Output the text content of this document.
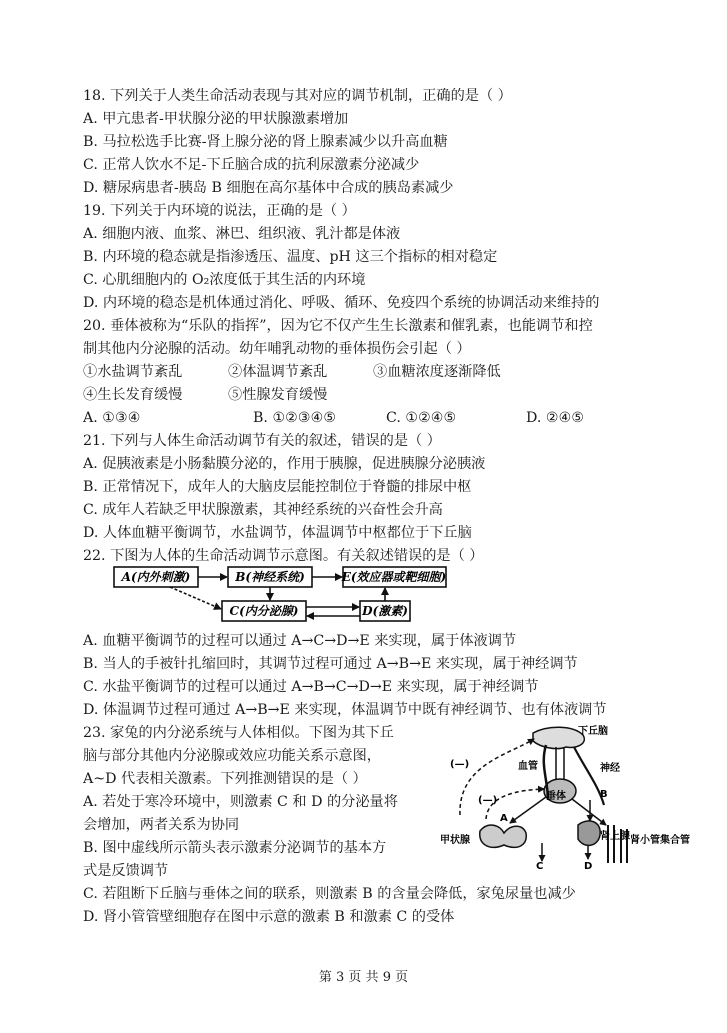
18. 下列关于人类生命活动表现与其对应的调节机制，正确的是（ ）
A. 甲亢患者-甲状腺分泌的甲状腺激素增加
B. 马拉松选手比赛-肾上腺分泌的肾上腺素减少以升高血糖
C. 正常人饮水不足-下丘脑合成的抗利尿激素分泌减少
D. 糖尿病患者-胰岛 B 细胞在高尔基体中合成的胰岛素减少
19. 下列关于内环境的说法，正确的是（ ）
A. 细胞内液、血浆、淋巴、组织液、乳汁都是体液
B. 内环境的稳态就是指渗透压、温度、pH 这三个指标的相对稳定
C. 心肌细胞内的 O₂浓度低于其生活的内环境
D. 内环境的稳态是机体通过消化、呼吸、循环、免疫四个系统的协调活动来维持的
20. 垂体被称为“乐队的指挥”，因为它不仅产生生长激素和催乳素，也能调节和控
制其他内分泌腺的活动。幼年哺乳动物的垂体损伤会引起（ ）
①水盐调节紊乱	②体温调节紊乱	③血糖浓度逐渐降低
④生长发育缓慢	⑤性腺发育缓慢
A. ①③④	B. ①②③④⑤	C. ①②④⑤	D. ②④⑤
21. 下列与人体生命活动调节有关的叙述，错误的是（ ）
A. 促胰液素是小肠黏膜分泌的，作用于胰腺，促进胰腺分泌胰液
B. 正常情况下，成年人的大脑皮层能控制位于脊髓的排尿中枢
C. 成年人若缺乏甲状腺激素，其神经系统的兴奋性会升高
D. 人体血糖平衡调节，水盐调节，体温调节中枢都位于下丘脑
22. 下图为人体的生命活动调节示意图。有关叙述错误的是（ ）
A(内外刺激)	B(神经系统)	E(效应器或靶细胞)
C(内分泌腺)	D(激素)
A. 血糖平衡调节的过程可以通过 A→C→D→E 来实现，属于体液调节
B. 当人的手被针扎缩回时，其调节过程可通过 A→B→E 来实现，属于神经调节
C. 水盐平衡调节的过程可以通过 A→B→C→D→E 来实现，属于神经调节
D. 体温调节过程可通过 A→B→E 来实现，体温调节中既有神经调节、也有体液调节
23. 家兔的内分泌系统与人体相似。下图为其下丘
脑与部分其他内分泌腺或效应功能关系示意图，
A~D 代表相关激素。下列推测错误的是（ ）
A. 若处于寒冷环境中，则激素 C 和 D 的分泌量将
会增加，两者关系为协同
B. 图中虚线所示箭头表示激素分泌调节的基本方
式是反馈调节
C. 若阻断下丘脑与垂体之间的联系，则激素 B 的含量会降低，家兔尿量也减少
D. 肾小管管壁细胞存在图中示意的激素 B 和激素 C 的受体
下丘脑
血管	神经
垂体
(—)
(—)
甲状腺	肾上腺 肾小管集合管
A
B
C	D
第 3 页 共 9 页
